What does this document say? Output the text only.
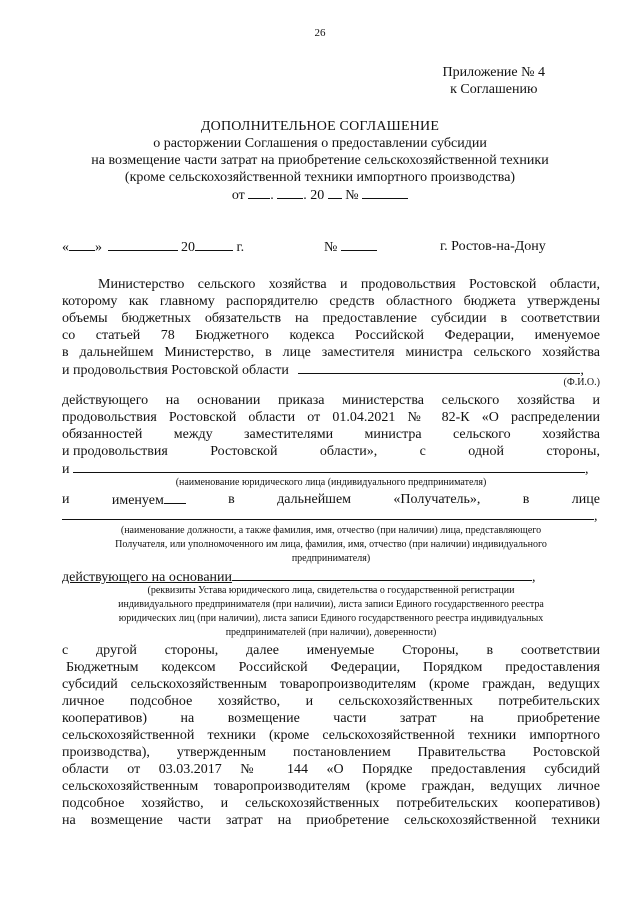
26
Приложение № 4
к Соглашению
ДОПОЛНИТЕЛЬНОЕ СОГЛАШЕНИЕ
о расторжении Соглашения о предоставлении субсидии
на возмещение части затрат на приобретение сельскохозяйственной техники
(кроме сельскохозяйственной техники импортного производства)
от . . 20 №
« »	20	г.	№	г. Ростов-на-Дону
Министерство сельского хозяйства и продовольствия Ростовской области,
которому как главному распорядителю средств областного бюджета утверждены
объемы бюджетных обязательств на предоставление субсидии в соответствии
со статьей 78 Бюджетного кодекса Российской Федерации, именуемое
в дальнейшем Министерство, в лице заместителя министра сельского хозяйства
и продовольствия Ростовской области	,
(Ф.И.О.)
действующего на основании приказа министерства сельского хозяйства и
продовольствия Ростовской области от 01.04.2021 № 82-К «О распределении
обязанностей между заместителями министра сельского хозяйства
и продовольствия	Ростовской	области»,	с	одной	стороны,
и	,
(наименование юридического лица (индивидуального предпринимателя)
и	именуем	в	дальнейшем	«Получатель»,	в	лице
,
(наименование должности, а также фамилия, имя, отчество (при наличии) лица, представляющего
Получателя, или уполномоченного им лица, фамилия, имя, отчество (при наличии) индивидуального
предпринимателя)
действующего на основании	,
(реквизиты Устава юридического лица, свидетельства о государственной регистрации
индивидуального предпринимателя (при наличии), листа записи Единого государственного реестра
юридических лиц (при наличии), листа записи Единого государственного реестра индивидуальных
предпринимателей (при наличии), доверенности)
с другой стороны, далее именуемые Стороны, в соответствии
Бюджетным кодексом Российской Федерации, Порядком предоставления
субсидий сельскохозяйственным товаропроизводителям (кроме граждан, ведущих
личное подсобное хозяйство, и сельскохозяйственных потребительских
кооперативов) на возмещение части затрат на приобретение
сельскохозяйственной техники (кроме сельскохозяйственной техники импортного
производства), утвержденным постановлением Правительства Ростовской
области от 03.03.2017 № 144 «О Порядке предоставления субсидий
сельскохозяйственным товаропроизводителям (кроме граждан, ведущих личное
подсобное хозяйство, и сельскохозяйственных потребительских кооперативов)
на возмещение части затрат на приобретение сельскохозяйственной техники
